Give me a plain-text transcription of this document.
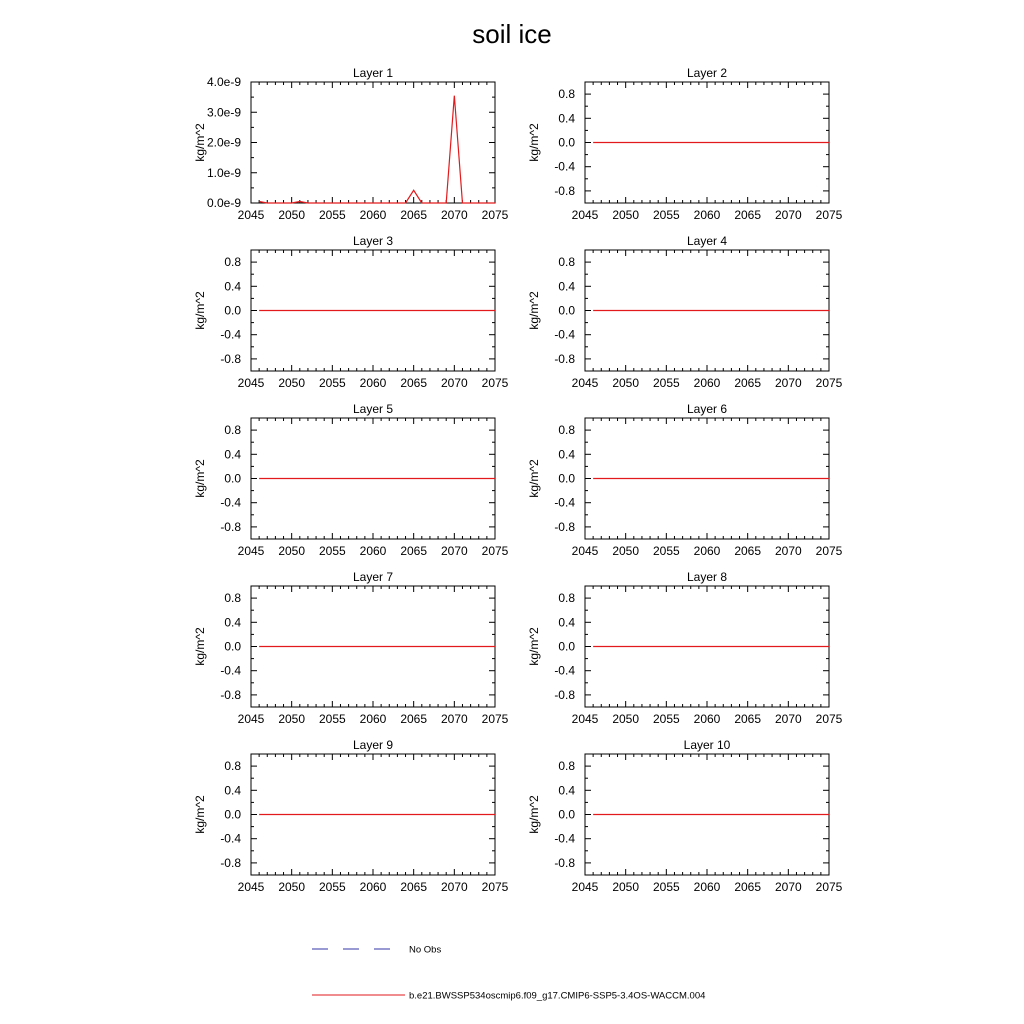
soil ice
Layer 1
kg/m^2
2045 2050 2055 2060 2065 2070 2075
0.0e-9
1.0e-9
2.0e-9
3.0e-9
4.0e-9
Layer 2
kg/m^2
2045 2050 2055 2060 2065 2070 2075
-0.8
-0.4
0.0
0.4
0.8
Layer 3
kg/m^2
2045 2050 2055 2060 2065 2070 2075
-0.8
-0.4
0.0
0.4
0.8
Layer 4
kg/m^2
2045 2050 2055 2060 2065 2070 2075
-0.8
-0.4
0.0
0.4
0.8
Layer 5
kg/m^2
2045 2050 2055 2060 2065 2070 2075
-0.8
-0.4
0.0
0.4
0.8
Layer 6
kg/m^2
2045 2050 2055 2060 2065 2070 2075
-0.8
-0.4
0.0
0.4
0.8
Layer 7
kg/m^2
2045 2050 2055 2060 2065 2070 2075
-0.8
-0.4
0.0
0.4
0.8
Layer 8
kg/m^2
2045 2050 2055 2060 2065 2070 2075
-0.8
-0.4
0.0
0.4
0.8
Layer 9
kg/m^2
2045 2050 2055 2060 2065 2070 2075
-0.8
-0.4
0.0
0.4
0.8
Layer 10
kg/m^2
2045 2050 2055 2060 2065 2070 2075
-0.8
-0.4
0.0
0.4
0.8
No Obs
b.e21.BWSSP534oscmip6.f09_g17.CMIP6-SSP5-3.4OS-WACCM.004
